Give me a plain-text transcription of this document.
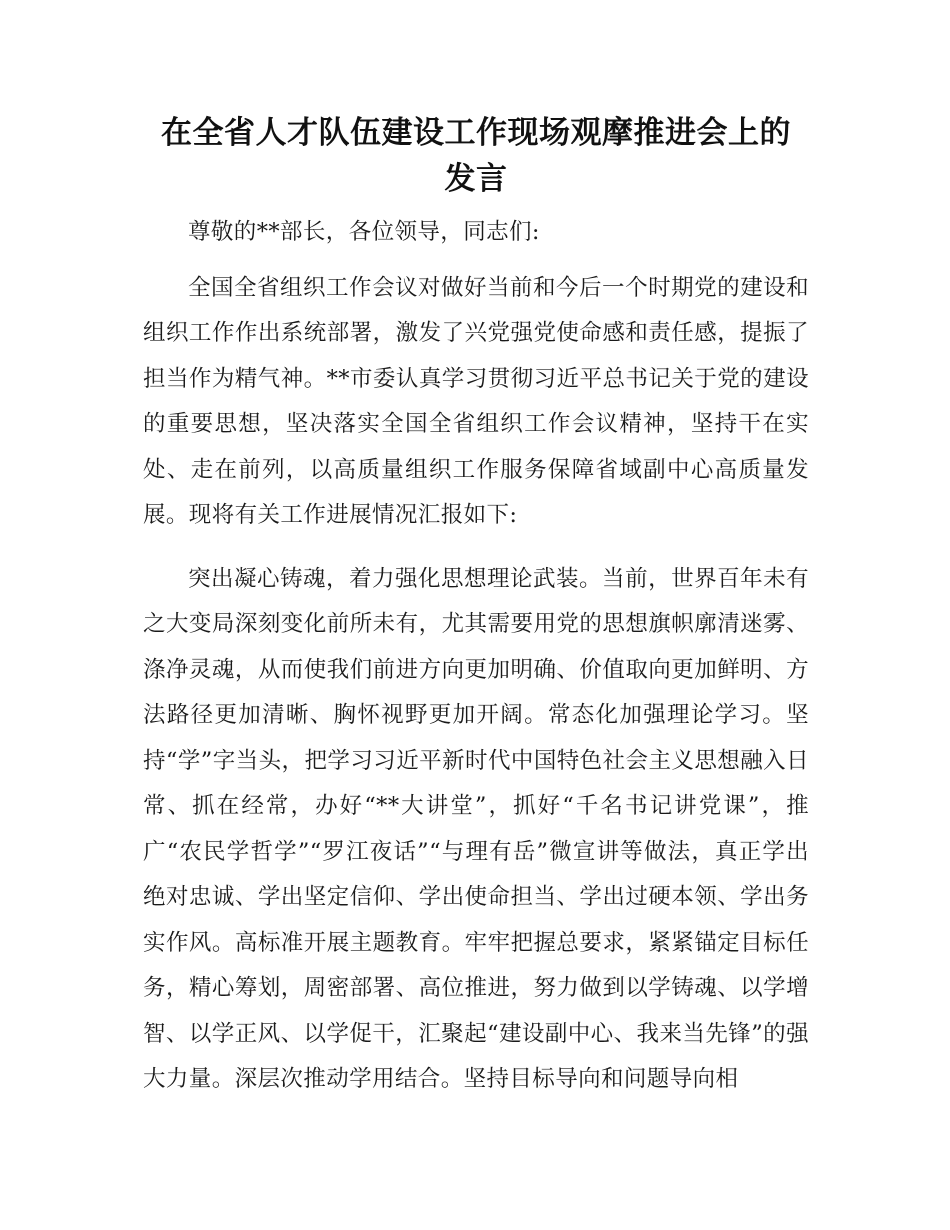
在全省人才队伍建设工作现场观摩推进会上的
发言

尊敬的**部长，各位领导，同志们:

全国全省组织工作会议对做好当前和今后一个时期党的建设和组织工作作出系统部署，激发了兴党强党使命感和责任感，提振了担当作为精气神。**市委认真学习贯彻习近平总书记关于党的建设的重要思想，坚决落实全国全省组织工作会议精神，坚持干在实处、走在前列，以高质量组织工作服务保障省域副中心高质量发展。现将有关工作进展情况汇报如下:

突出凝心铸魂，着力强化思想理论武装。当前，世界百年未有之大变局深刻变化前所未有，尤其需要用党的思想旗帜廓清迷雾、涤净灵魂，从而使我们前进方向更加明确、价值取向更加鲜明、方法路径更加清晰、胸怀视野更加开阔。常态化加强理论学习。坚持“学”字当头，把学习习近平新时代中国特色社会主义思想融入日常、抓在经常，办好“**大讲堂”，抓好“千名书记讲党课”，推广“农民学哲学”“罗江夜话”“与理有岳”微宣讲等做法，真正学出绝对忠诚、学出坚定信仰、学出使命担当、学出过硬本领、学出务实作风。高标准开展主题教育。牢牢把握总要求，紧紧锚定目标任务，精心筹划，周密部署、高位推进，努力做到以学铸魂、以学增智、以学正风、以学促干，汇聚起“建设副中心、我来当先锋”的强大力量。深层次推动学用结合。坚持目标导向和问题导向相
